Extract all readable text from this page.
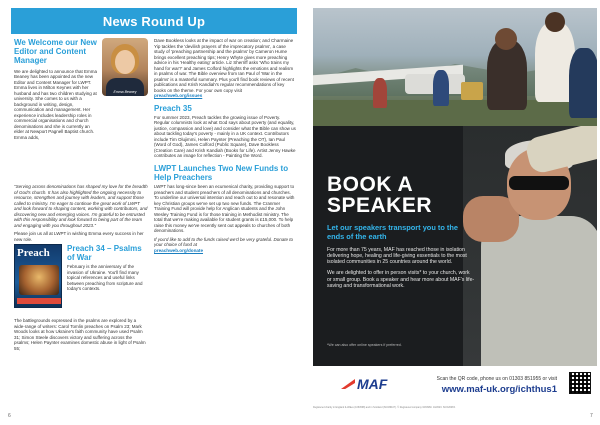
News Round Up
We Welcome our New Editor and Content Manager
We are delighted to announce that Emma Beaney has been appointed as the new Editor and Content Manager for LWPT. Emma lives in Milton Keynes with her husband and has two children studying at university. She comes to us with a background in writing, design, communication and management. Her experience includes leadership roles in commercial organisations and church denominations and she is currently an elder at Newport Pagnell Baptist church. Emma adds,
Emma Beaney
"Serving across denominations has shaped my love for the breadth of God's church. It has also highlighted the ongoing necessity to resource, strengthen and journey with leaders, and support those called to ministry. I'm eager to continue the great work of LWPT and look forward to shaping content, working with contributors, and discovering new and emerging voices. I'm grateful to be entrusted with this responsibility and look forward to being part of the team and engaging with you throughout 2023."
Please join us all at LWPT in wishing Emma every success in her new role.
Preach Preach 34 – Psalms of War
February is the anniversary of the invasion of Ukraine. You'll find many topical references and useful links between preaching from scripture and today's contexts.
The battlegrounds expressed in the psalms are explored by a wide-range of writers: Carol Tomlin preaches on Psalm 23; Mark Woods looks at how Ukraine's faith community have used Psalm 31; Simon Steele discovers victory and suffering across the psalms; Helen Paynter examines domestic abuse in light of Psalm 55;
Dave Bookless looks at the impact of war on creation; and Charmaine Yip tackles the 'devilish prayers of the imprecatory psalms', a case study of 'preaching partnership and the psalms' by Cameron Hume brings excellent preaching tips; Henry Whyte gives more preaching advice in his 'Healthy eating' article. Liz Sherriff asks 'Who trains my hand for war?' and James Colford highlights the emotions and realism in psalms of war. The Bible overview from Ian Paul of 'War in the psalms' is a masterful summary. Plus you'll find book reviews of recent publications and Krish Kandiah's regular recommendations of key books on the theme. For your own copy visit
preachweb.org/issues
Preach 35
For summer 2023, Preach tackles the growing issue of Poverty. Regular columnists look at what God says about poverty (and equality, justice, compassion and love) and consider what the Bible can show us about tackling today's poverty - mainly in a UK context. Contributors include Tim Olujimmi, Helen Paynter (Preaching the OT), Ian Paul (Word of God), James Colford (Public Square), Dave Bookless (Creation Care) and Krish Kandiah (Books for Life). Artist Jenny Hawke contributes an image for reflection - Painting the Word.
LWPT Launches Two New Funds to Help Preachers
LWPT has long-since been an ecumenical charity, providing support to preachers and student preachers of all denominations and churches. To underline our universal intention and reach out to and resonate with key Christian groups we've set up two new funds. The Cranmer Training Fund will provide help for Anglican students and the John Wesley Training Fund is for those training in Methodist ministry. The total that we're making available for student grants is £15,000. To help raise this money we've recently sent out appeals to churches of both denominations.
If you'd like to add to the funds raised we'd be very grateful. Donate to your choice of fund at
preachweb.org/donate
6
BOOK A
SPEAKER
Let our speakers transport you to the ends of the earth
For more than 75 years, MAF has reached those in isolation delivering hope, healing and life-giving essentials to the most isolated communities in 25 countries around the world.
We are delighted to offer in person visits* to your church, work or small group. Book a speaker and hear more about MAF's life-saving and transformational work.
*We can also offer online speakers if preferred.
MAF	Scan the QR code, phone us on 01303 851955 or visit
www.maf-uk.org/ichthus1
Registered charity in England & Wales (1064598) and in Scotland (SC039107). © Registered company 3233960. 10/2023. SCO20ROI.
7
